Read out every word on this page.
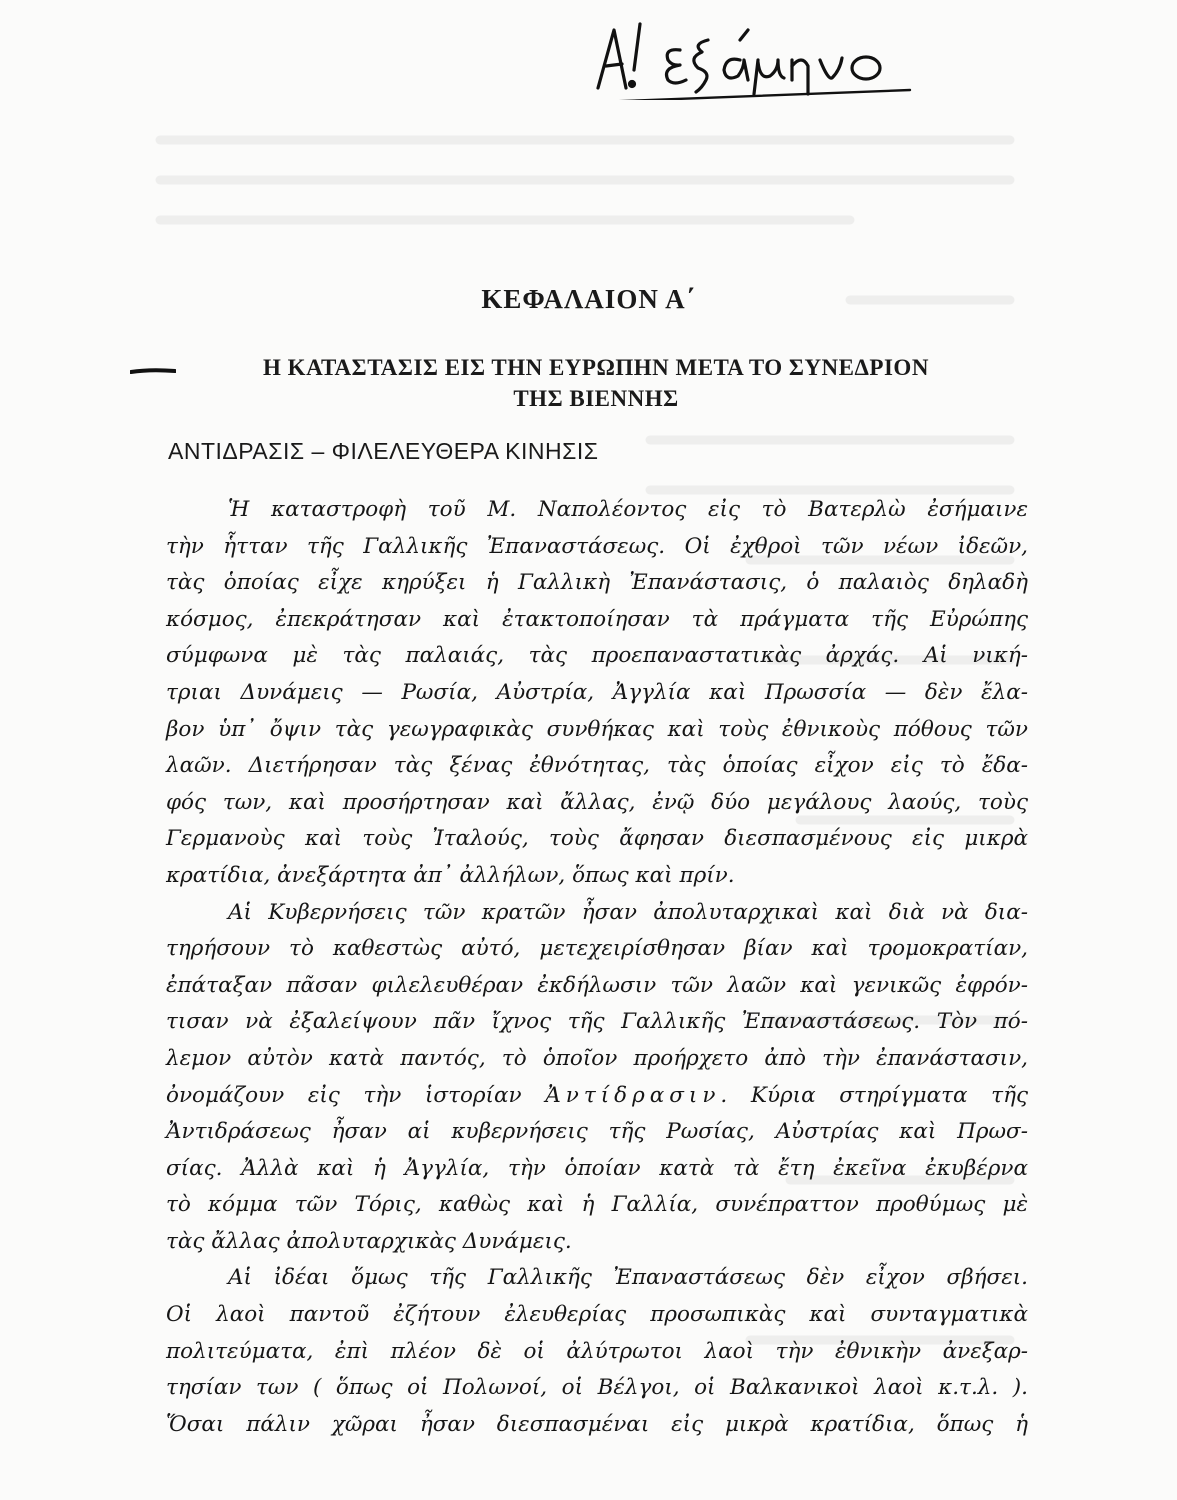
ΚΕΦΑΛΑΙΟΝ Α΄
Η ΚΑΤΑΣΤΑΣΙΣ ΕΙΣ ΤΗΝ ΕΥΡΩΠΗΝ ΜΕΤΑ ΤΟ ΣΥΝΕΔΡΙΟΝ
ΤΗΣ ΒΙΕΝΝΗΣ
ΑΝΤΙΔΡΑΣΙΣ – ΦΙΛΕΛΕΥΘΕΡΑ ΚΙΝΗΣΙΣ
Ἡ καταστροφὴ τοῦ Μ. Ναπολέοντος εἰς τὸ Βατερλὼ ἐσήμαινε
τὴν ἧτταν τῆς Γαλλικῆς Ἐπαναστάσεως. Οἱ ἐχθροὶ τῶν νέων ἰδεῶν,
τὰς ὁποίας εἶχε κηρύξει ἡ Γαλλικὴ Ἐπανάστασις, ὁ παλαιὸς δηλαδὴ
κόσμος, ἐπεκράτησαν καὶ ἐτακτοποίησαν τὰ πράγματα τῆς Εὐρώπης
σύμφωνα μὲ τὰς παλαιάς, τὰς προεπαναστατικὰς ἀρχάς. Αἱ νική-
τριαι Δυνάμεις — Ρωσία, Αὐστρία, Ἀγγλία καὶ Πρωσσία — δὲν ἔλα-
βον ὑπ᾽ ὄψιν τὰς γεωγραφικὰς συνθήκας καὶ τοὺς ἐθνικοὺς πόθους τῶν
λαῶν. Διετήρησαν τὰς ξένας ἐθνότητας, τὰς ὁποίας εἶχον εἰς τὸ ἔδα-
φός των, καὶ προσήρτησαν καὶ ἄλλας, ἐνῷ δύο μεγάλους λαούς, τοὺς
Γερμανοὺς καὶ τοὺς Ἰταλούς, τοὺς ἄφησαν διεσπασμένους εἰς μικρὰ
κρατίδια, ἀνεξάρτητα ἀπ᾽ ἀλλήλων, ὅπως καὶ πρίν.
Αἱ Κυβερνήσεις τῶν κρατῶν ἦσαν ἀπολυταρχικαὶ καὶ διὰ νὰ δια-
τηρήσουν τὸ καθεστὼς αὐτό, μετεχειρίσθησαν βίαν καὶ τρομοκρατίαν,
ἐπάταξαν πᾶσαν φιλελευθέραν ἐκδήλωσιν τῶν λαῶν καὶ γενικῶς ἐφρόν-
τισαν νὰ ἐξαλείψουν πᾶν ἴχνος τῆς Γαλλικῆς Ἐπαναστάσεως. Τὸν πό-
λεμον αὐτὸν κατὰ παντός, τὸ ὁποῖον προήρχετο ἀπὸ τὴν ἐπανάστασιν,
ὀνομάζουν εἰς τὴν ἱστορίαν Ἀντίδρασιν. Κύρια στηρίγματα τῆς
Ἀντιδράσεως ἦσαν αἱ κυβερνήσεις τῆς Ρωσίας, Αὐστρίας καὶ Πρωσ-
σίας. Ἀλλὰ καὶ ἡ Ἀγγλία, τὴν ὁποίαν κατὰ τὰ ἔτη ἐκεῖνα ἐκυβέρνα
τὸ κόμμα τῶν Τόρις, καθὼς καὶ ἡ Γαλλία, συνέπραττον προθύμως μὲ
τὰς ἄλλας ἀπολυταρχικὰς Δυνάμεις.
Αἱ ἰδέαι ὅμως τῆς Γαλλικῆς Ἐπαναστάσεως δὲν εἶχον σβήσει.
Οἱ λαοὶ παντοῦ ἐζήτουν ἐλευθερίας προσωπικὰς καὶ συνταγματικὰ
πολιτεύματα, ἐπὶ πλέον δὲ οἱ ἀλύτρωτοι λαοὶ τὴν ἐθνικὴν ἀνεξαρ-
τησίαν των ( ὅπως οἱ Πολωνοί, οἱ Βέλγοι, οἱ Βαλκανικοὶ λαοὶ κ.τ.λ. ).
Ὅσαι πάλιν χῶραι ἦσαν διεσπασμέναι εἰς μικρὰ κρατίδια, ὅπως ἡ
